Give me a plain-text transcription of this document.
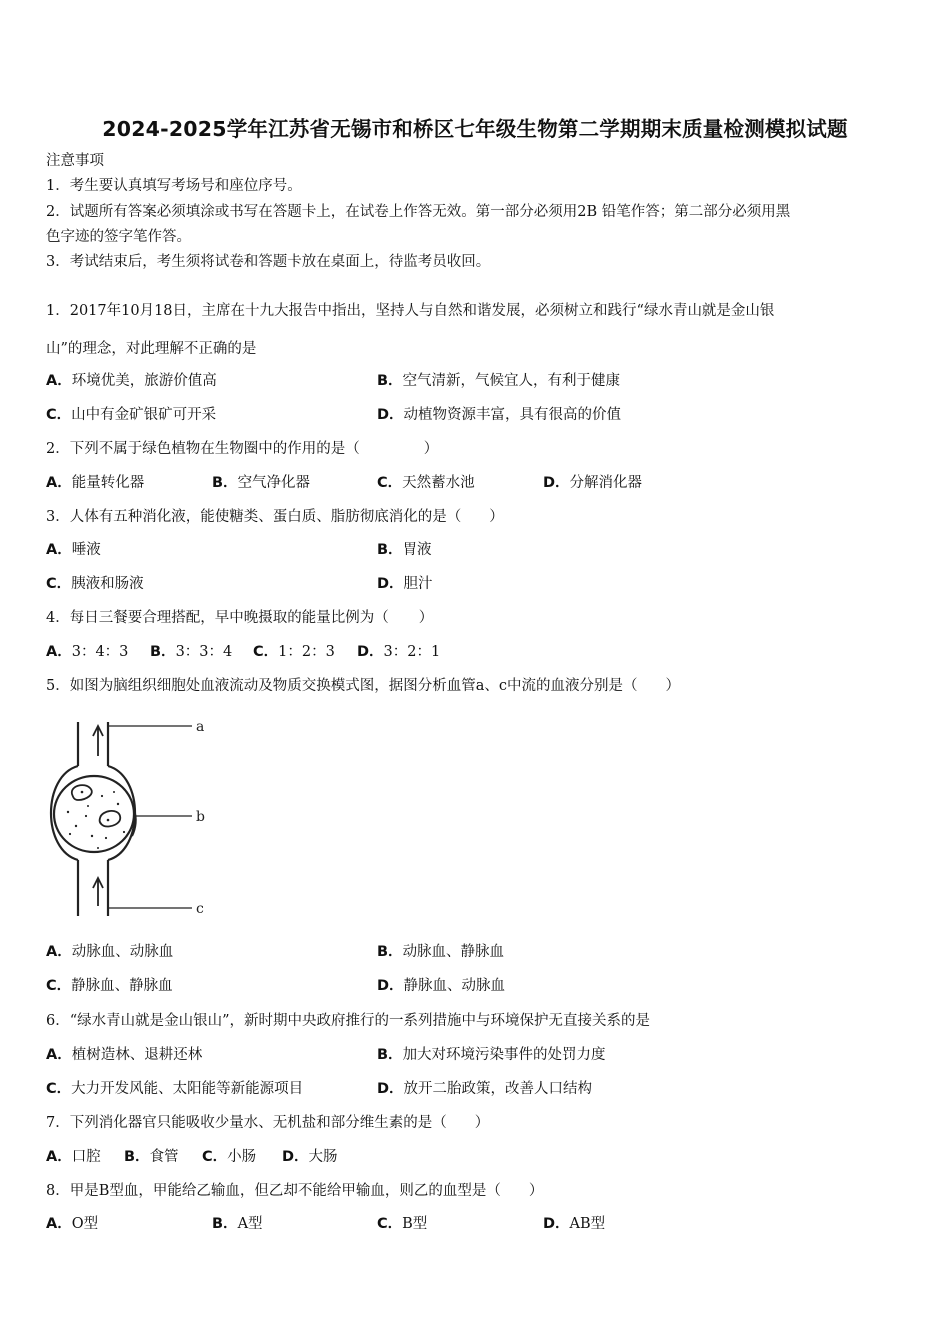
2024-2025学年江苏省无锡市和桥区七年级生物第二学期期末质量检测模拟试题
注意事项
1．考生要认真填写考场号和座位序号。
2．试题所有答案必须填涂或书写在答题卡上，在试卷上作答无效。第一部分必须用2B 铅笔作答；第二部分必须用黑
色字迹的签字笔作答。
3．考试结束后，考生须将试卷和答题卡放在桌面上，待监考员收回。
1．2017年10月18日，主席在十九大报告中指出，坚持人与自然和谐发展，必须树立和践行“绿水青山就是金山银
山”的理念，对此理解不正确的是
A．环境优美，旅游价值高	B．空气清新，气候宜人，有利于健康
C．山中有金矿银矿可开采	D．动植物资源丰富，具有很高的价值
2．下列不属于绿色植物在生物圈中的作用的是（	）
A．能量转化器	B．空气净化器	C．天然蓄水池	D．分解消化器
3．人体有五种消化液，能使糖类、蛋白质、脂肪彻底消化的是（ ）
A．唾液	B．胃液
C．胰液和肠液	D．胆汁
4．每日三餐要合理搭配，早中晚摄取的能量比例为（ ）
A．3：4：3 B．3：3：4 C．1：2：3 D．3：2：1
5．如图为脑组织细胞处血液流动及物质交换模式图，据图分析血管a、c中流的血液分别是（ ）
a
b
c
A．动脉血、动脉血	B．动脉血、静脉血
C．静脉血、静脉血	D．静脉血、动脉血
6．“绿水青山就是金山银山”，新时期中央政府推行的一系列措施中与环境保护无直接关系的是
A．植树造林、退耕还林	B．加大对环境污染事件的处罚力度
C．大力开发风能、太阳能等新能源项目	D．放开二胎政策，改善人口结构
7．下列消化器官只能吸收少量水、无机盐和部分维生素的是（ ）
A．口腔 B．食管 C．小肠 D．大肠
8．甲是B型血，甲能给乙输血，但乙却不能给甲输血，则乙的血型是（ ）
A．O型	B．A型	C．B型	D．AB型
